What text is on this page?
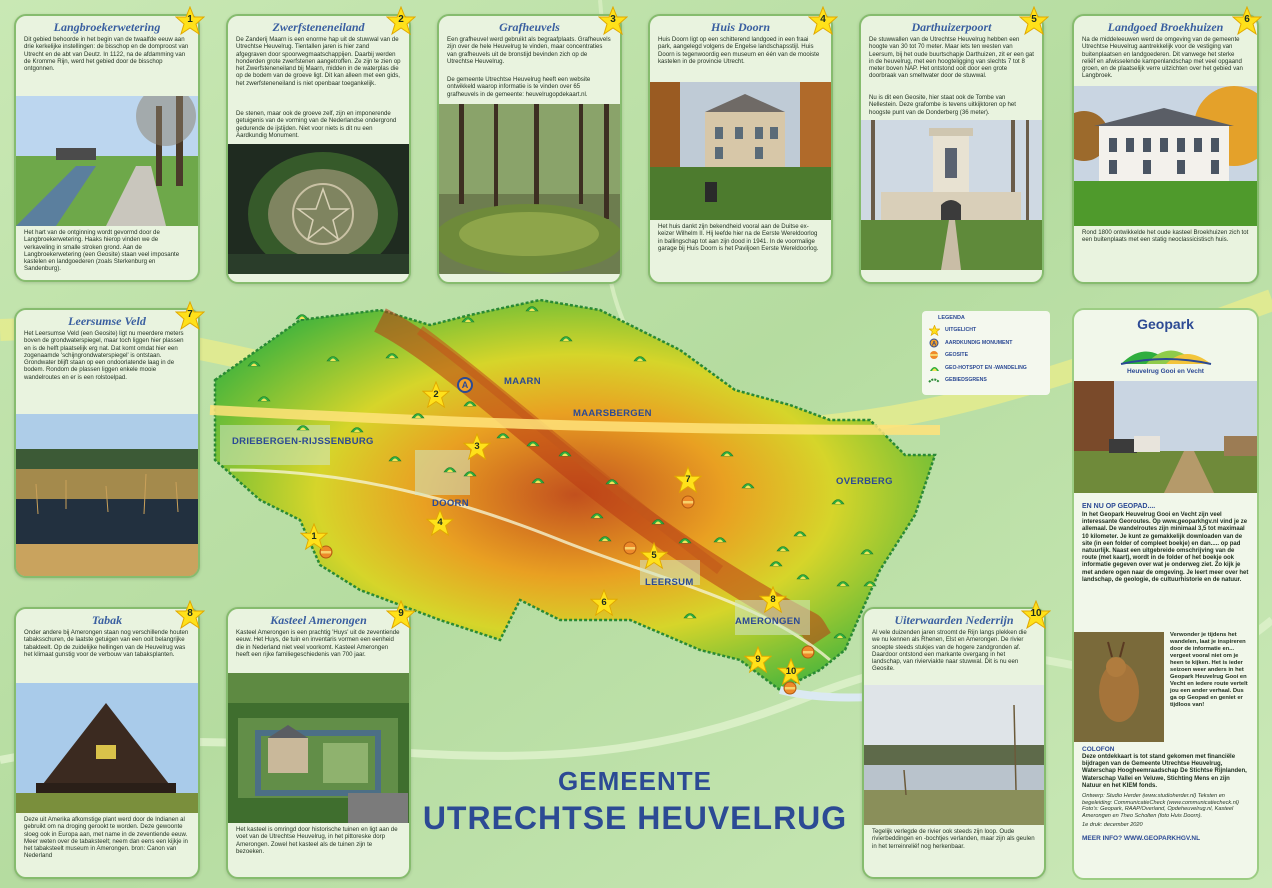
MAARN
MAARSBERGEN
DRIEBERGEN-RIJSSENBURG
DOORN
OVERBERG
LEERSUM
AMERONGEN
1
2
3
4
5
6
7
8
9
10
A
Langbroekerwetering
Dit gebied behoorde in het begin van de twaalfde eeuw aan drie kerkelijke instellingen: de bisschop en de domproost van Utrecht en de abt van Deutz. In 1122, na de afdamming van de Kromme Rijn, werd het gebied door de bisschop ontgonnen.
Het hart van de ontginning wordt gevormd door de Langbroekerwetering. Haaks hierop vinden we de verkaveling in smalle stroken grond. Aan de Langbroekerwetering (een Geosite) staan veel imposante kastelen en landgoederen (zoals Sterkenburg en Sandenburg).
1
Zwerfsteneneiland
De Zanderij Maarn is een enorme hap uit de stuwwal van de Utrechtse Heuvelrug. Tientallen jaren is hier zand afgegraven door spoorwegmaatschappijen. Daarbij werden honderden grote zwerfstenen aangetroffen. Ze zijn te zien op het Zwerfsteneneiland bij Maarn, midden in de waterplas die op de bodem van de groeve ligt. Dit kan alleen met een gids, het zwerfsteneneiland is niet openbaar toegankelijk.
De stenen, maar ook de groeve zelf, zijn en imponerende getuigenis van de vorming van de Nederlandse ondergrond gedurende de ijstijden. Niet voor niets is dit nu een Aardkundig Monument.
2
Grafheuvels
Een grafheuvel werd gebruikt als begraafplaats. Grafheuvels zijn over de hele Heuvelrug te vinden, maar concentraties van grafheuvels uit de bronstijd bevinden zich op de Utrechtse Heuvelrug.
De gemeente Utrechtse Heuvelrug heeft een website ontwikkeld waarop informatie is te vinden over 65 grafheuvels in de gemeente: heuvelrugopdekaart.nl.
3
Huis Doorn
Huis Doorn ligt op een schitterend landgoed in een fraai park, aangelegd volgens de Engelse landschapsstijl. Huis Doorn is tegenwoordig een museum en één van de mooiste kastelen in de provincie Utrecht.
Het huis dankt zijn bekendheid vooral aan de Duitse ex-keizer Wilhelm II. Hij leefde hier na de Eerste Wereldoorlog in ballingschap tot aan zijn dood in 1941. In de voormalige garage bij Huis Doorn is het Paviljoen Eerste Wereldoorlog.
4
Darthuizerpoort
De stuwwallen van de Utrechtse Heuvelrug hebben een hoogte van 30 tot 70 meter. Maar iets ten westen van Leersum, bij het oude buurtschapje Darthuizen, zit er een gat in de heuvelrug, met een hoogteligging van slechts 7 tot 8 meter boven NAP. Het ontstond ooit door een grote doorbraak van smeltwater door de stuwwal.
Nu is dit een Geosite, hier staat ook de Tombe van Nellestein. Deze grafombe is tevens uitkijktoren op het hoogste punt van de Donderberg (36 meter).
5
Landgoed Broekhuizen
Na de middeleeuwen werd de omgeving van de gemeente Utrechtse Heuvelrug aantrekkelijk voor de vestiging van buitenplaatsen en landgoederen. Dit vanwege het sterke reliëf en afwisselende kampenlandschap met veel opgaand groen, en de plaatselijk verre uitzichten over het gebied van Langbroek.
Rond 1800 ontwikkelde het oude kasteel Broekhuizen zich tot een buitenplaats met een statig neoclassicistisch huis.
6
Leersumse Veld
Het Leersumse Veld (een Geosite) ligt nu meerdere meters boven de grondwaterspiegel, maar toch liggen hier plassen en is de helft plaatselijk erg nat. Dat komt omdat hier een zogenaamde 'schijngrondwaterspiegel' is ontstaan. Grondwater blijft staan op een ondoorlatende laag in de bodem. Rondom de plassen liggen enkele mooie wandelroutes en er is een rolstoelpad.
7
Tabak
Onder andere bij Amerongen staan nog verschillende houten tabaksschuren, de laatste getuigen van een ooit belangrijke tabakteelt. Op de zuidelijke hellingen van de Heuvelrug was het klimaat gunstig voor de verbouw van tabaksplanten.
Deze uit Amerika afkomstige plant werd door de Indianen al gebruikt om na droging gerookt te worden. Deze gewoonte sloeg ook in Europa aan, met name in de zeventiende eeuw. Meer weten over de tabaksteelt; neem dan eens een kijkje in het tabaksteelt museum in Amerongen. bron: Canon van Nederland
8	Kasteel Amerongen
Kasteel Amerongen is een prachtig 'Huys' uit de zeventiende eeuw. Het Huys, de tuin en inventaris vormen een eenheid die in Nederland niet veel voorkomt. Kasteel Amerongen heeft een rijke familiegeschiedenis van 700 jaar.
Het kasteel is omringd door historische tuinen en ligt aan de voet van de Utrechtse Heuvelrug, in het pittoreske dorp Amerongen. Zowel het kasteel als de tuinen zijn te bezoeken.
9	Uiterwaarden Nederrijn
Al vele duizenden jaren stroomt de Rijn langs plekken die we nu kennen als Rhenen, Elst en Amerongen. De rivier snoepte steeds stukjes van de hogere zandgronden af. Daardoor ontstond een markante overgang in het landschap, van rivierviakte naar stuwwal. Dit is nu een Geosite.
Tegelijk verlegde de rivier ook steeds zijn loop. Oude rivierbeddingen en -bochtjes verlanden, maar zijn als geulen in het terreinreliëf nog herkenbaar.
10
LEGENDA
UITGELICHT
A AARDKUNDIG MONUMENT
GEOSITE
GEO-HOTSPOT EN -WANDELING
GEBIEDSGRENS
Geopark
Heuvelrug Gooi en Vecht
EN NU OP GEOPAD....
In het Geopark Heuvelrug Gooi en Vecht zijn veel interessante Georoutes. Op www.geoparkhgv.nl vind je ze allemaal. De wandelroutes zijn minimaal 3,5 tot maximaal 10 kilometer. Je kunt ze gemakkelijk downloaden van de site (in een folder of compleet boekje) en dan..... op pad natuurlijk. Naast een uitgebreide omschrijving van de route (met kaart), wordt in de folder of het boekje ook informatie gegeven over wat je onderweg ziet. Zo kijk je met andere ogen naar de omgeving. Je leert meer over het landschap, de geologie, de cultuurhistorie en de natuur.
Verwonder je tijdens het wandelen, laat je inspireren door de informatie en... vergeet vooral niet om je heen te kijken. Het is ieder seizoen weer anders in het Geopark Heuvelrug Gooi en Vecht en iedere route vertelt jou een ander verhaal. Dus ga op Geopad en geniet er tijdloos van!
COLOFON
Deze ontdekkaart is tot stand gekomen met financiële bijdragen van de Gemeente Utrechtse Heuvelrug, Waterschap Hoogheemraadschap De Stichtse Rijnlanden, Waterschap Vallei en Veluwe, Stichting Mens en zijn Natuur en het KIEM fonds.
Ontwerp: Studio Herder (www.studioherder.nl) Teksten en begeleiding: CommunicatieCheck (www.communicatiecheck.nl) Foto's: Geopark, RAAP/Overland, Opdeheuvelrug.nl, Kasteel Amerongen en Theo Scholten (foto Huis Doorn).
1e druk: december 2020
MEER INFO? WWW.GEOPARKHGV.NL
GEMEENTE
UTRECHTSE HEUVELRUG
